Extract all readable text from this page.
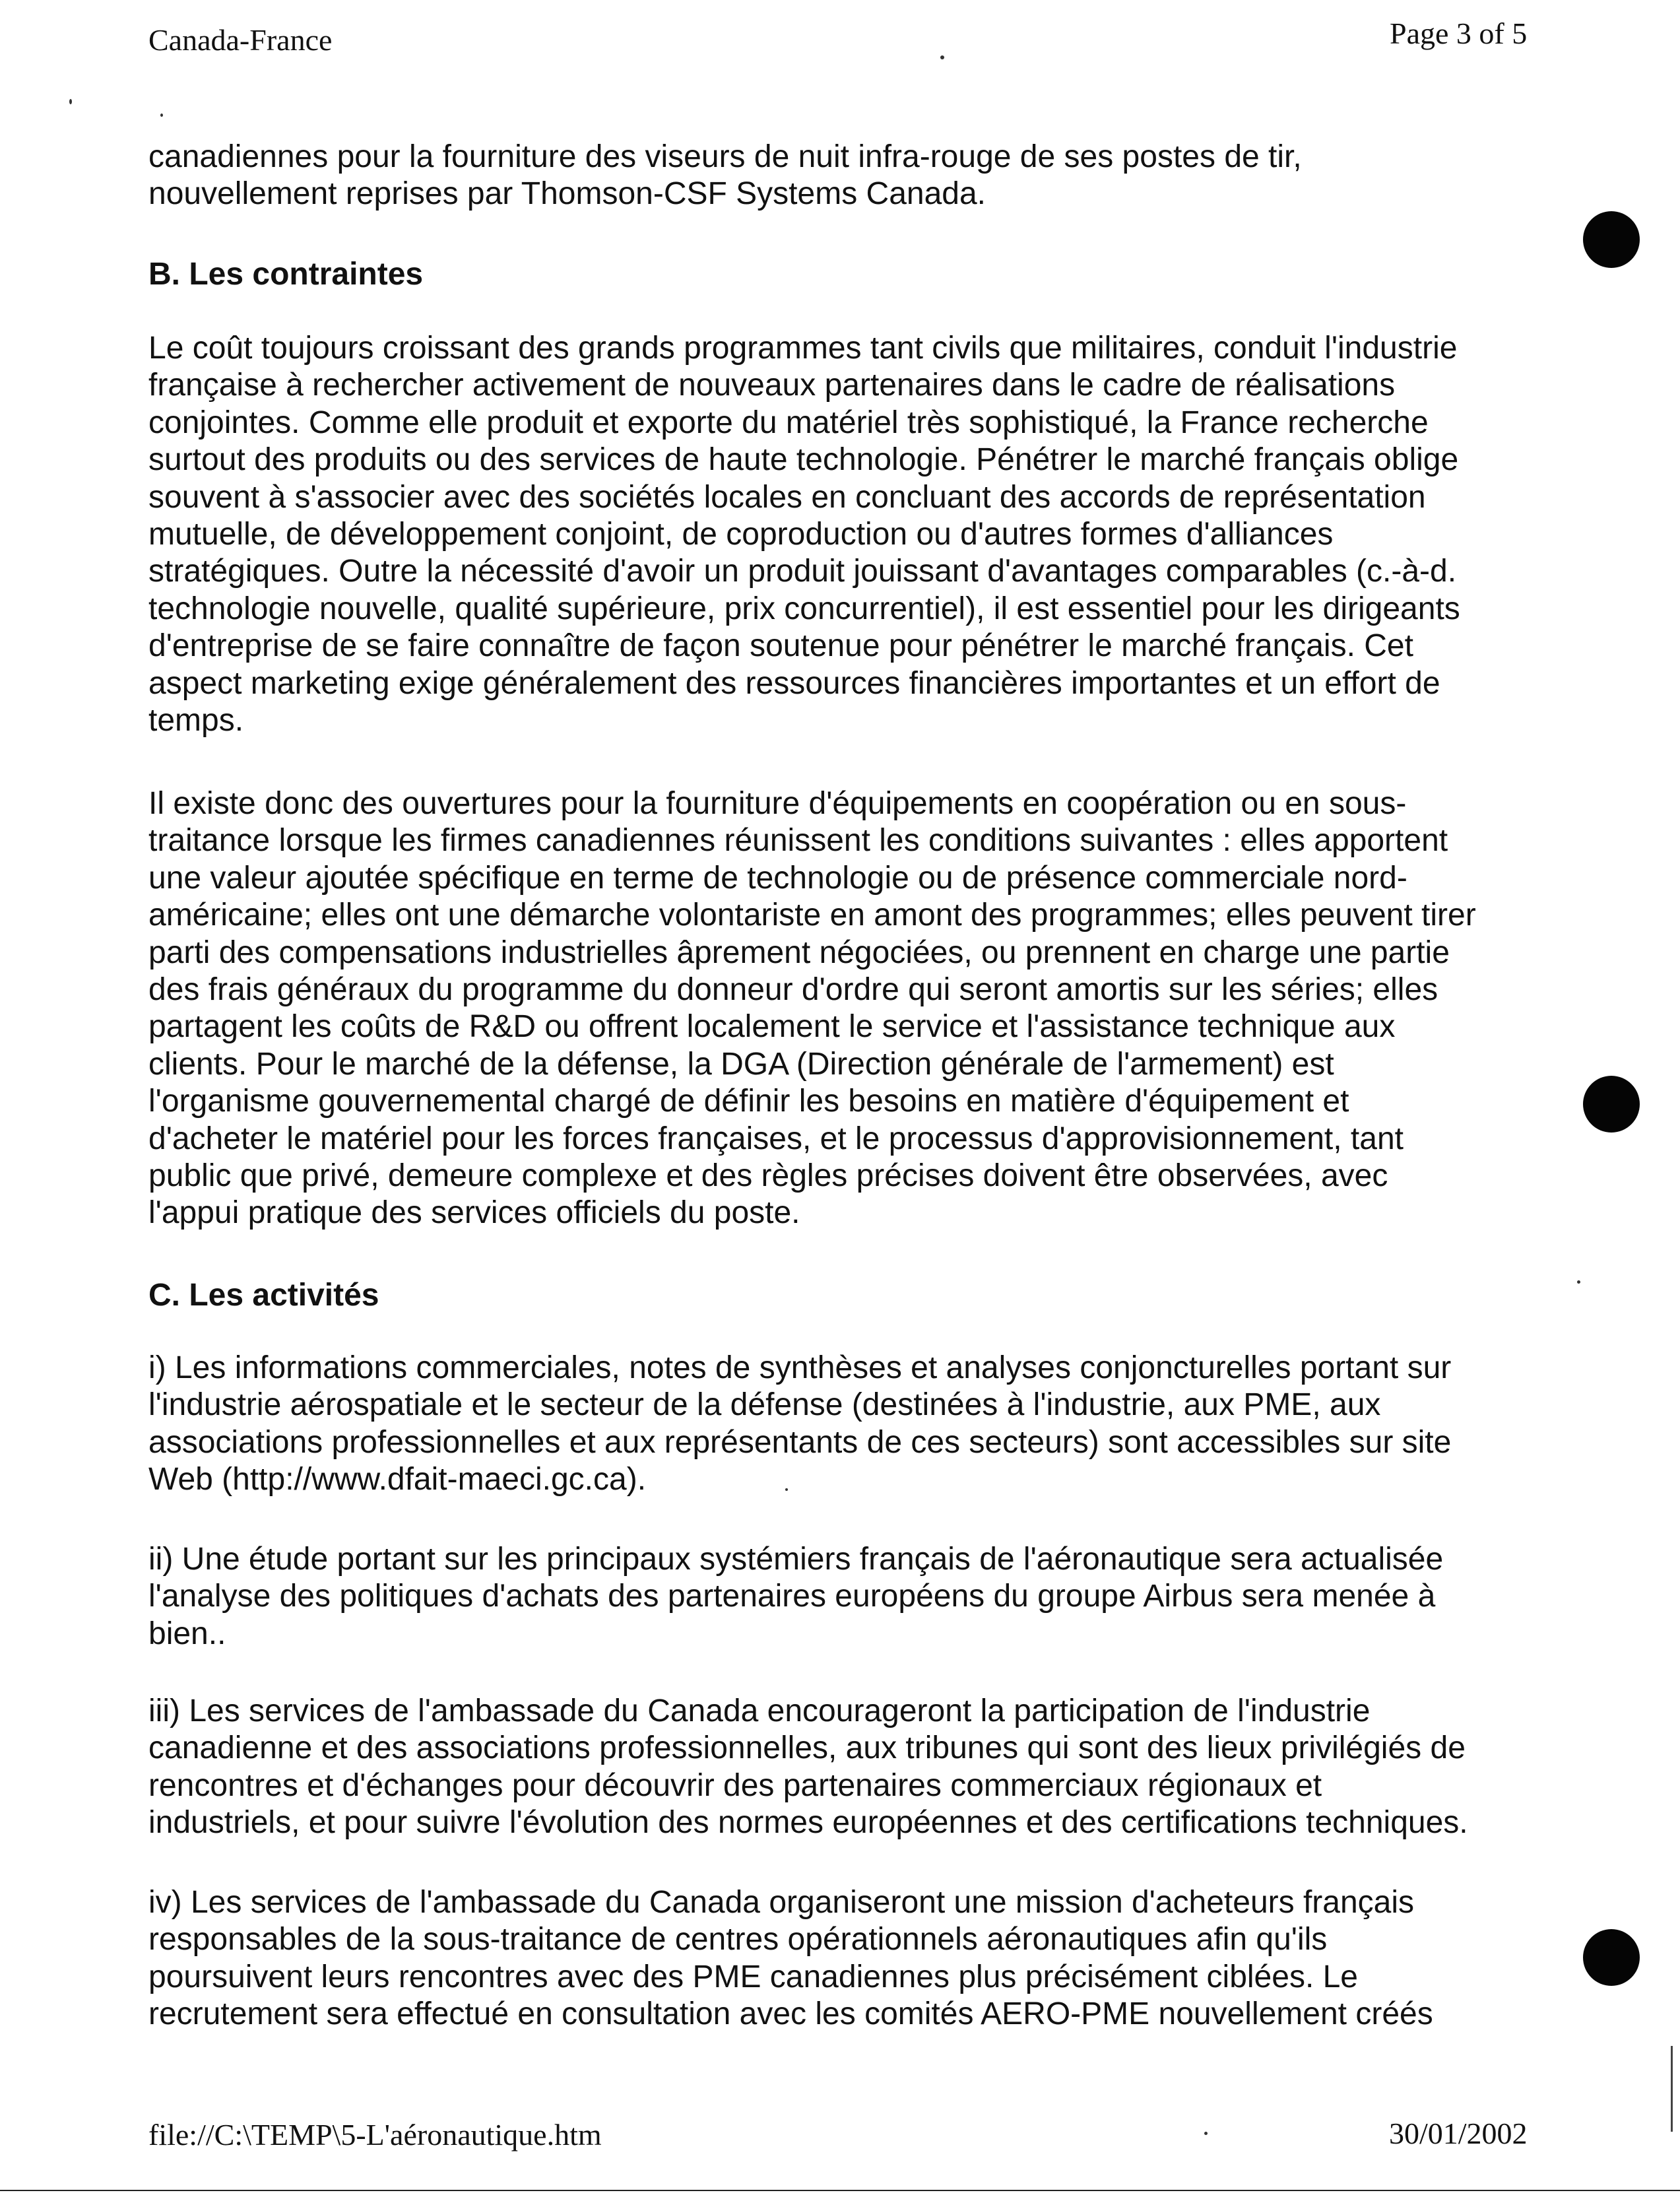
Canada-France	Page 3 of 5
canadiennes pour la fourniture des viseurs de nuit infra-rouge de ses postes de tir,
nouvellement reprises par Thomson-CSF Systems Canada.
B. Les contraintes
Le coût toujours croissant des grands programmes tant civils que militaires, conduit l'industrie
française à rechercher activement de nouveaux partenaires dans le cadre de réalisations
conjointes. Comme elle produit et exporte du matériel très sophistiqué, la France recherche
surtout des produits ou des services de haute technologie. Pénétrer le marché français oblige
souvent à s'associer avec des sociétés locales en concluant des accords de représentation
mutuelle, de développement conjoint, de coproduction ou d'autres formes d'alliances
stratégiques. Outre la nécessité d'avoir un produit jouissant d'avantages comparables (c.-à-d.
technologie nouvelle, qualité supérieure, prix concurrentiel), il est essentiel pour les dirigeants
d'entreprise de se faire connaître de façon soutenue pour pénétrer le marché français. Cet
aspect marketing exige généralement des ressources financières importantes et un effort de
temps.
Il existe donc des ouvertures pour la fourniture d'équipements en coopération ou en sous-
traitance lorsque les firmes canadiennes réunissent les conditions suivantes : elles apportent
une valeur ajoutée spécifique en terme de technologie ou de présence commerciale nord-
américaine; elles ont une démarche volontariste en amont des programmes; elles peuvent tirer
parti des compensations industrielles âprement négociées, ou prennent en charge une partie
des frais généraux du programme du donneur d'ordre qui seront amortis sur les séries; elles
partagent les coûts de R&D ou offrent localement le service et l'assistance technique aux
clients. Pour le marché de la défense, la DGA (Direction générale de l'armement) est
l'organisme gouvernemental chargé de définir les besoins en matière d'équipement et
d'acheter le matériel pour les forces françaises, et le processus d'approvisionnement, tant
public que privé, demeure complexe et des règles précises doivent être observées, avec
l'appui pratique des services officiels du poste.
C. Les activités
i) Les informations commerciales, notes de synthèses et analyses conjoncturelles portant sur
l'industrie aérospatiale et le secteur de la défense (destinées à l'industrie, aux PME, aux
associations professionnelles et aux représentants de ces secteurs) sont accessibles sur site
Web (http://www.dfait-maeci.gc.ca).
ii) Une étude portant sur les principaux systémiers français de l'aéronautique sera actualisée
l'analyse des politiques d'achats des partenaires européens du groupe Airbus sera menée à
bien..
iii) Les services de l'ambassade du Canada encourageront la participation de l'industrie
canadienne et des associations professionnelles, aux tribunes qui sont des lieux privilégiés de
rencontres et d'échanges pour découvrir des partenaires commerciaux régionaux et
industriels, et pour suivre l'évolution des normes européennes et des certifications techniques.
iv) Les services de l'ambassade du Canada organiseront une mission d'acheteurs français
responsables de la sous-traitance de centres opérationnels aéronautiques afin qu'ils
poursuivent leurs rencontres avec des PME canadiennes plus précisément ciblées. Le
recrutement sera effectué en consultation avec les comités AERO-PME nouvellement créés
file://C:\TEMP\5-L'aéronautique.htm	30/01/2002
